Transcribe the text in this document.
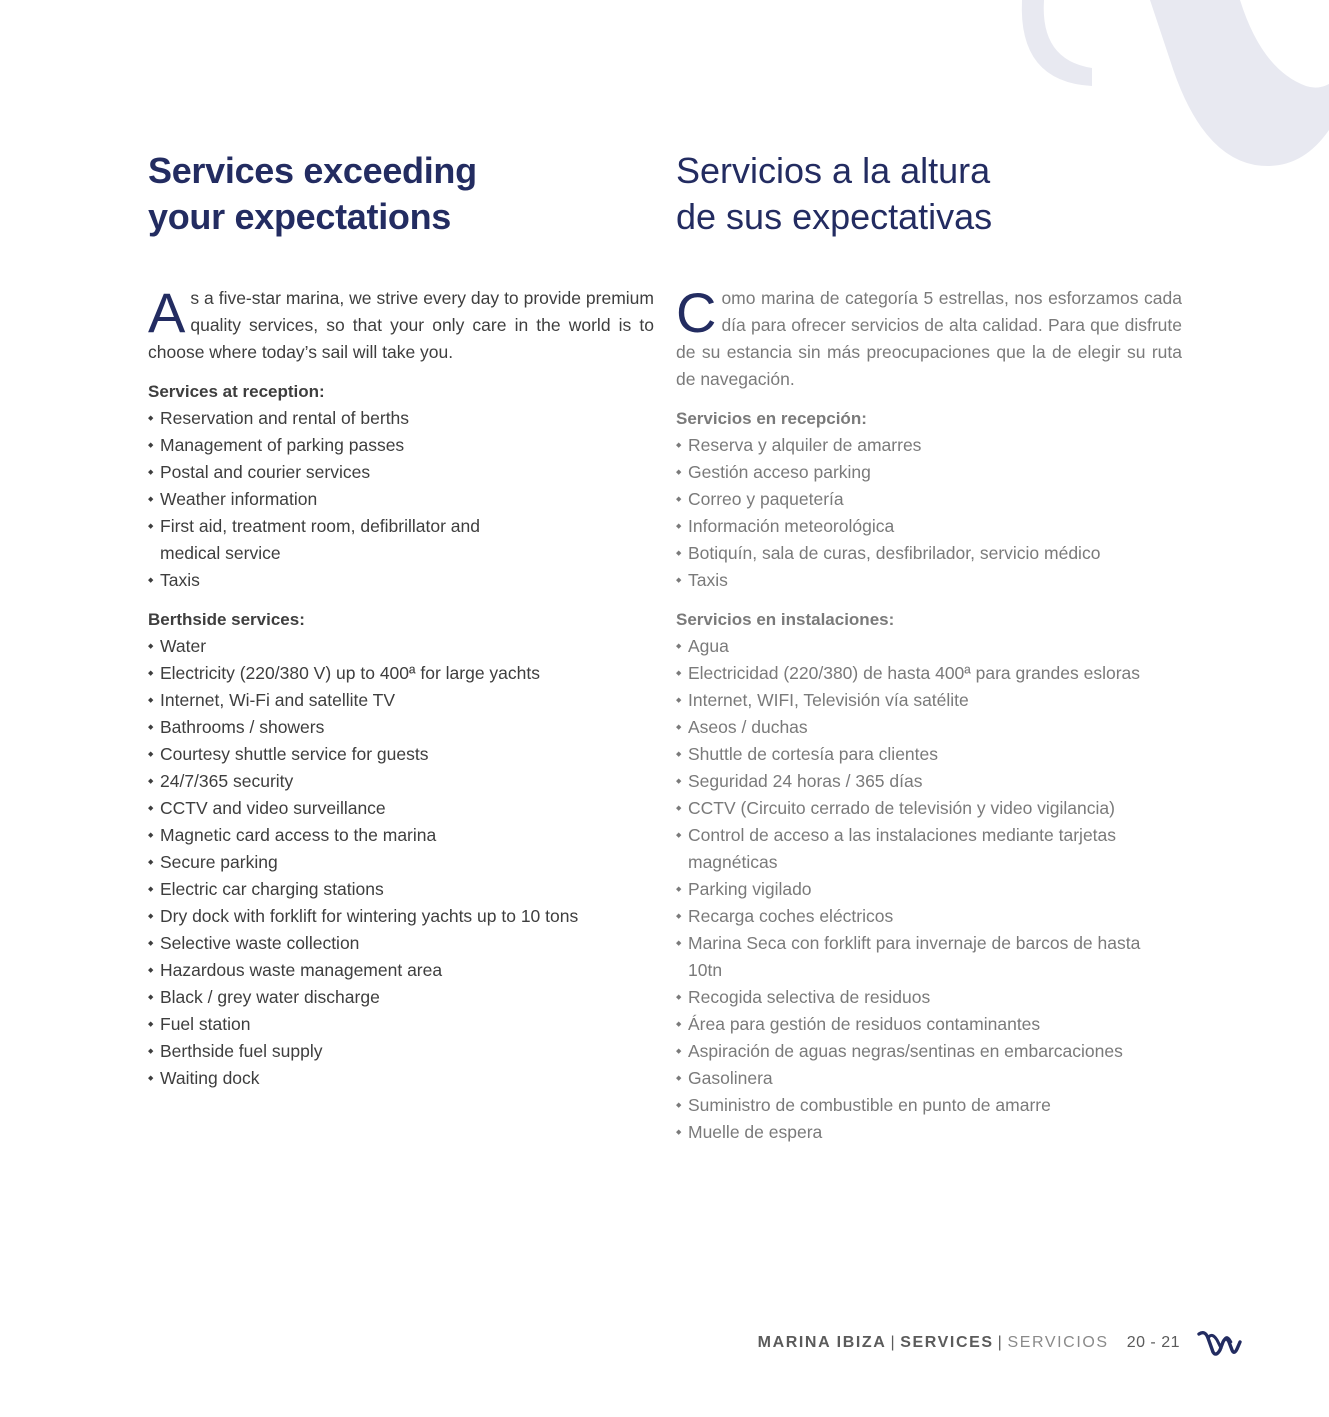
Services exceeding
your expectations

As a five-star marina, we strive every day to provide premium quality services, so that your only care in the world is to choose where today’s sail will take you.

Services at reception:
◆ Reservation and rental of berths
◆ Management of parking passes
◆ Postal and courier services
◆ Weather information
◆ First aid, treatment room, defibrillator and medical service
◆ Taxis
Berthside services:
◆ Water
◆ Electricity (220/380 V) up to 400ª for large yachts
◆ Internet, Wi-Fi and satellite TV
◆ Bathrooms / showers
◆ Courtesy shuttle service for guests
◆ 24/7/365 security
◆ CCTV and video surveillance
◆ Magnetic card access to the marina
◆ Secure parking
◆ Electric car charging stations
◆ Dry dock with forklift for wintering yachts up to 10 tons
◆ Selective waste collection
◆ Hazardous waste management area
◆ Black / grey water discharge
◆ Fuel station
◆ Berthside fuel supply
◆ Waiting dock
Servicios a la altura
de sus expectativas

Como marina de categoría 5 estrellas, nos esforzamos cada día para ofrecer servicios de alta calidad. Para que disfrute de su estancia sin más preocupaciones que la de elegir su ruta de navegación.

Servicios en recepción:
◆ Reserva y alquiler de amarres
◆ Gestión acceso parking
◆ Correo y paquetería
◆ Información meteorológica
◆ Botiquín, sala de curas, desfibrilador, servicio médico
◆ Taxis
Servicios en instalaciones:
◆ Agua
◆ Electricidad (220/380) de hasta 400ª para grandes esloras
◆ Internet, WIFI, Televisión vía satélite
◆ Aseos / duchas
◆ Shuttle de cortesía para clientes
◆ Seguridad 24 horas / 365 días
◆ CCTV (Circuito cerrado de televisión y video vigilancia)
◆ Control de acceso a las instalaciones mediante tarjetas magnéticas
◆ Parking vigilado
◆ Recarga coches eléctricos
◆ Marina Seca con forklift para invernaje de barcos de hasta 10tn
◆ Recogida selectiva de residuos
◆ Área para gestión de residuos contaminantes
◆ Aspiración de aguas negras/sentinas en embarcaciones
◆ Gasolinera
◆ Suministro de combustible en punto de amarre
◆ Muelle de espera
MARINA IBIZA | SERVICES | SERVICIOS 20 - 21
